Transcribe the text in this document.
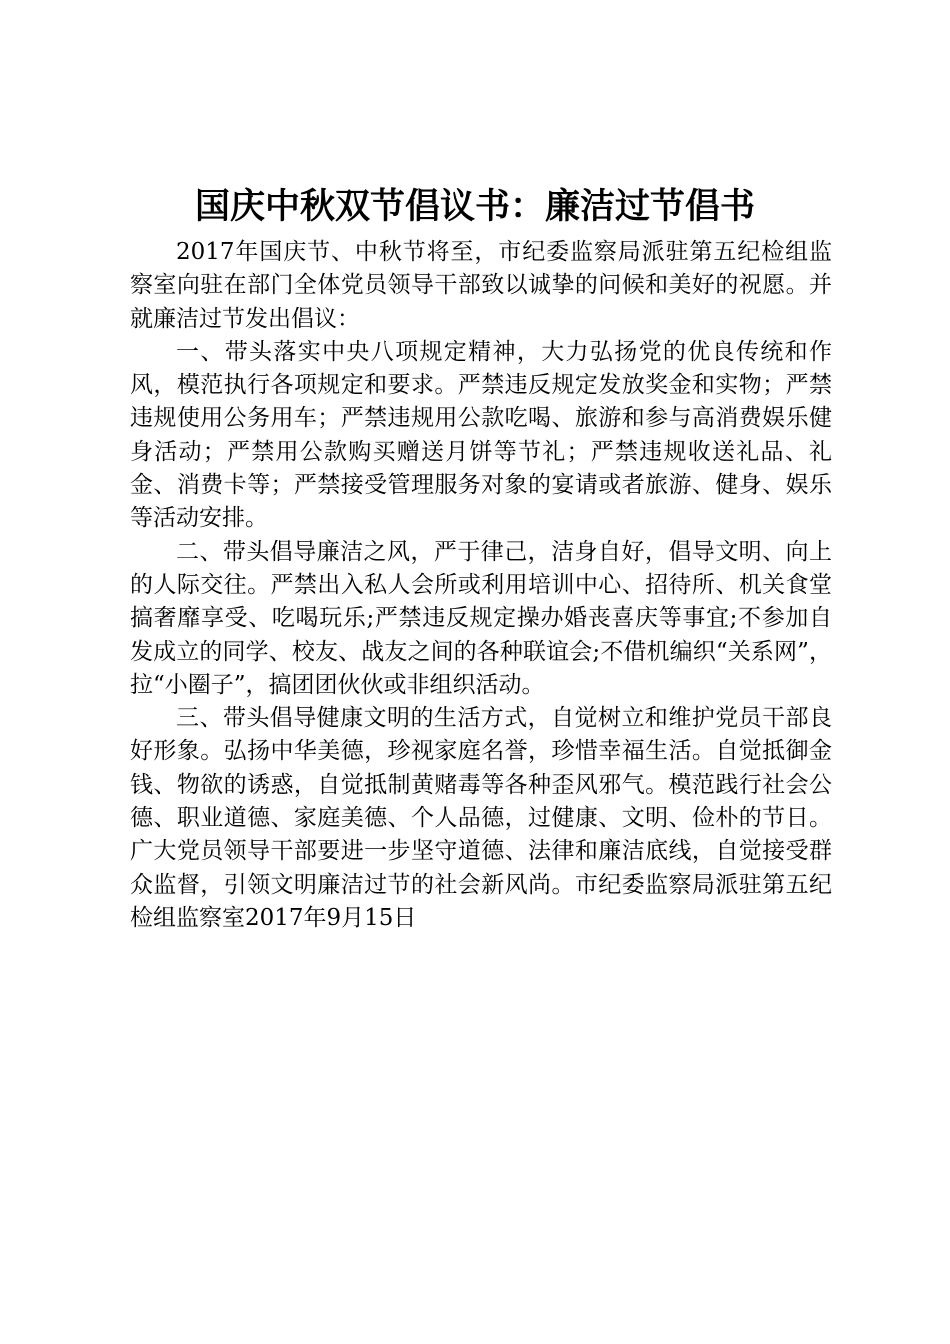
国庆中秋双节倡议书：廉洁过节倡书

2017年国庆节、中秋节将至，市纪委监察局派驻第五纪检组监察室向驻在部门全体党员领导干部致以诚挚的问候和美好的祝愿。并就廉洁过节发出倡议：

一、带头落实中央八项规定精神，大力弘扬党的优良传统和作风，模范执行各项规定和要求。严禁违反规定发放奖金和实物；严禁违规使用公务用车；严禁违规用公款吃喝、旅游和参与高消费娱乐健身活动；严禁用公款购买赠送月饼等节礼；严禁违规收送礼品、礼金、消费卡等；严禁接受管理服务对象的宴请或者旅游、健身、娱乐等活动安排。

二、带头倡导廉洁之风，严于律己，洁身自好，倡导文明、向上的人际交往。严禁出入私人会所或利用培训中心、招待所、机关食堂搞奢靡享受、吃喝玩乐;严禁违反规定操办婚丧喜庆等事宜;不参加自发成立的同学、校友、战友之间的各种联谊会;不借机编织“关系网”，拉“小圈子”，搞团团伙伙或非组织活动。

三、带头倡导健康文明的生活方式，自觉树立和维护党员干部良好形象。弘扬中华美德，珍视家庭名誉，珍惜幸福生活。自觉抵御金钱、物欲的诱惑，自觉抵制黄赌毒等各种歪风邪气。模范践行社会公德、职业道德、家庭美德、个人品德，过健康、文明、俭朴的节日。广大党员领导干部要进一步坚守道德、法律和廉洁底线，自觉接受群众监督，引领文明廉洁过节的社会新风尚。市纪委监察局派驻第五纪检组监察室2017年9月15日
